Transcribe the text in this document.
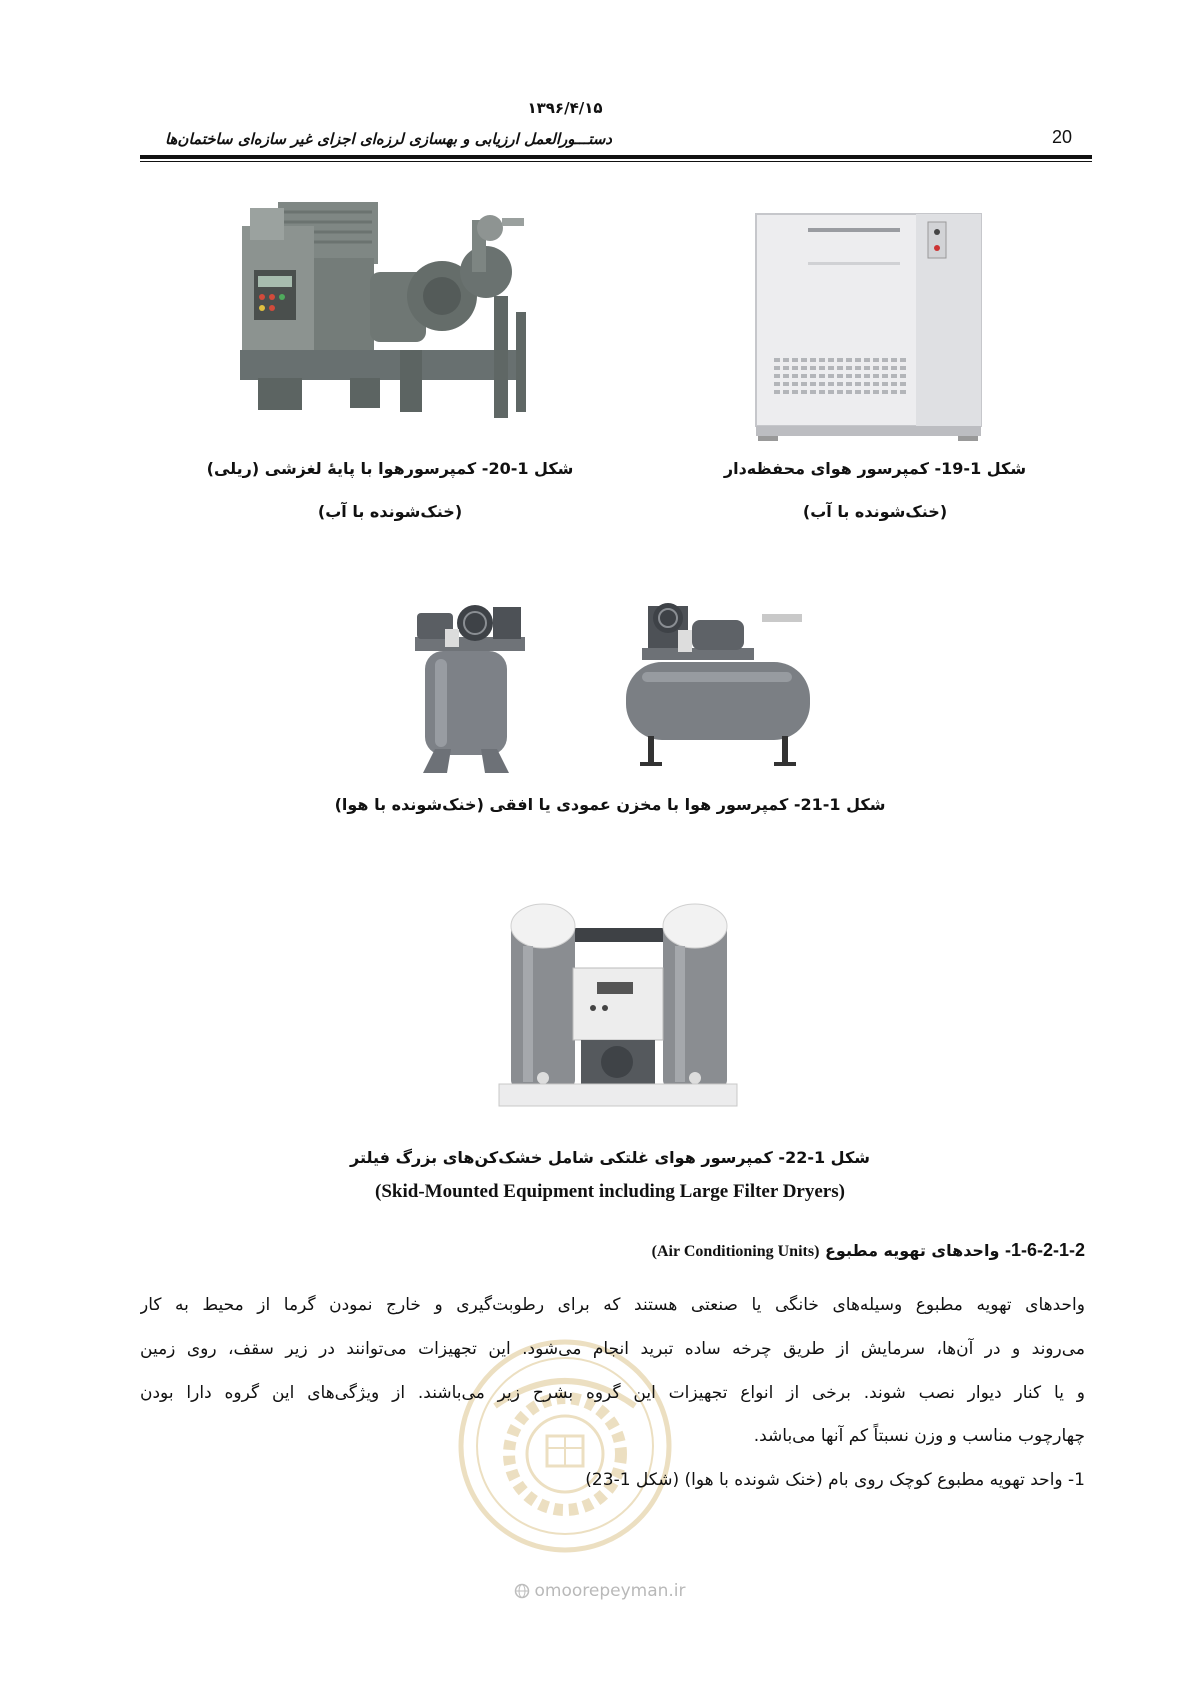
۱۳۹۶/۴/۱۵
دستـــورالعمل ارزیابی و بهسازی لرزه‌ای اجزای غیر سازه‌ای ساختمان‌ها	20
شکل 1-20- کمپرسورهوا با پایهٔ لغزشی (ریلی)
(خنک‌شونده با آب)
شکل 1-19- کمپرسور هوای محفظه‌دار
(خنک‌شونده با آب)
شکل 1-21- کمپرسور هوا با مخزن عمودی یا افقی (خنک‌شونده با هوا)
شکل 1-22- کمپرسور هوای غلتکی شامل خشک‌کن‌های بزرگ فیلتر
(Skid-Mounted Equipment including Large Filter Dryers)
1-6-2-1-2- واحدهای تهویه مطبوع (Air Conditioning Units)
واحدهای تهویه مطبوع وسیله‌های خانگی یا صنعتی هستند که برای رطوبت‌گیری و خارج نمودن گرما از محیط به کار
می‌روند و در آن‌ها، سرمایش از طریق چرخه ساده تبرید انجام می‌شود. این تجهیزات می‌توانند در زیر سقف، روی زمین
و یا کنار دیوار نصب شوند. برخی از انواع تجهیزات این گروه بشرح زیر می‌باشند. از ویژگی‌های این گروه دارا بودن
چهارچوب مناسب و وزن نسبتاً کم آنها می‌باشد.
1- واحد تهویه مطبوع کوچک روی بام (خنک شونده با هوا) (شکل 1-23)
omoorepeyman.ir
